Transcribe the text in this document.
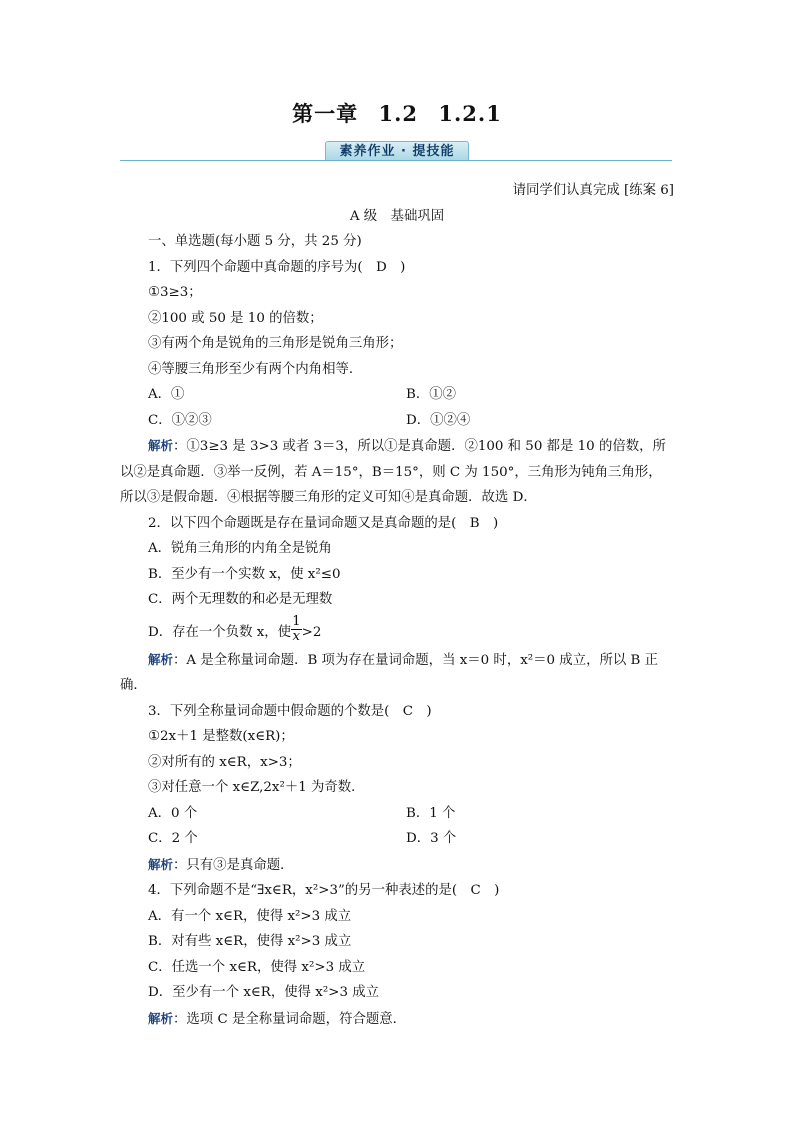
第一章 1.2 1.2.1
素养作业 · 提技能
请同学们认真完成 [练案 6]
A 级　基础巩固
一、单选题(每小题 5 分，共 25 分)
1．下列四个命题中真命题的序号为(　D　)
①3≥3；
②100 或 50 是 10 的倍数；
③有两个角是锐角的三角形是锐角三角形；
④等腰三角形至少有两个内角相等．
A．①	B．①②
C．①②③	D．①②④
解析：①3≥3 是 3>3 或者 3＝3，所以①是真命题．②100 和 50 都是 10 的倍数，所以②是真命题．③举一反例，若 A＝15°，B＝15°，则 C 为 150°，三角形为钝角三角形，所以③是假命题．④根据等腰三角形的定义可知④是真命题．故选 D．
2．以下四个命题既是存在量词命题又是真命题的是(　B　)
A．锐角三角形的内角全是锐角
B．至少有一个实数 x，使 x²≤0
C．两个无理数的和必是无理数
D．存在一个负数 x，使 $\frac{1}{x} >2$
解析：A 是全称量词命题．B 项为存在量词命题，当 x＝0 时，x²＝0 成立，所以 B 正确．
3．下列全称量词命题中假命题的个数是(　C　)
①2x＋1 是整数(x∈R)；
②对所有的 x∈R，x>3；
③对任意一个 x∈Z,2x²＋1 为奇数．
A．0 个	B．1 个
C．2 个	D．3 个
解析：只有③是真命题．
4．下列命题不是“∃x∈R，x²>3”的另一种表述的是(　C　)
A．有一个 x∈R，使得 x²>3 成立
B．对有些 x∈R，使得 x²>3 成立
C．任选一个 x∈R，使得 x²>3 成立
D．至少有一个 x∈R，使得 x²>3 成立
解析：选项 C 是全称量词命题，符合题意．
